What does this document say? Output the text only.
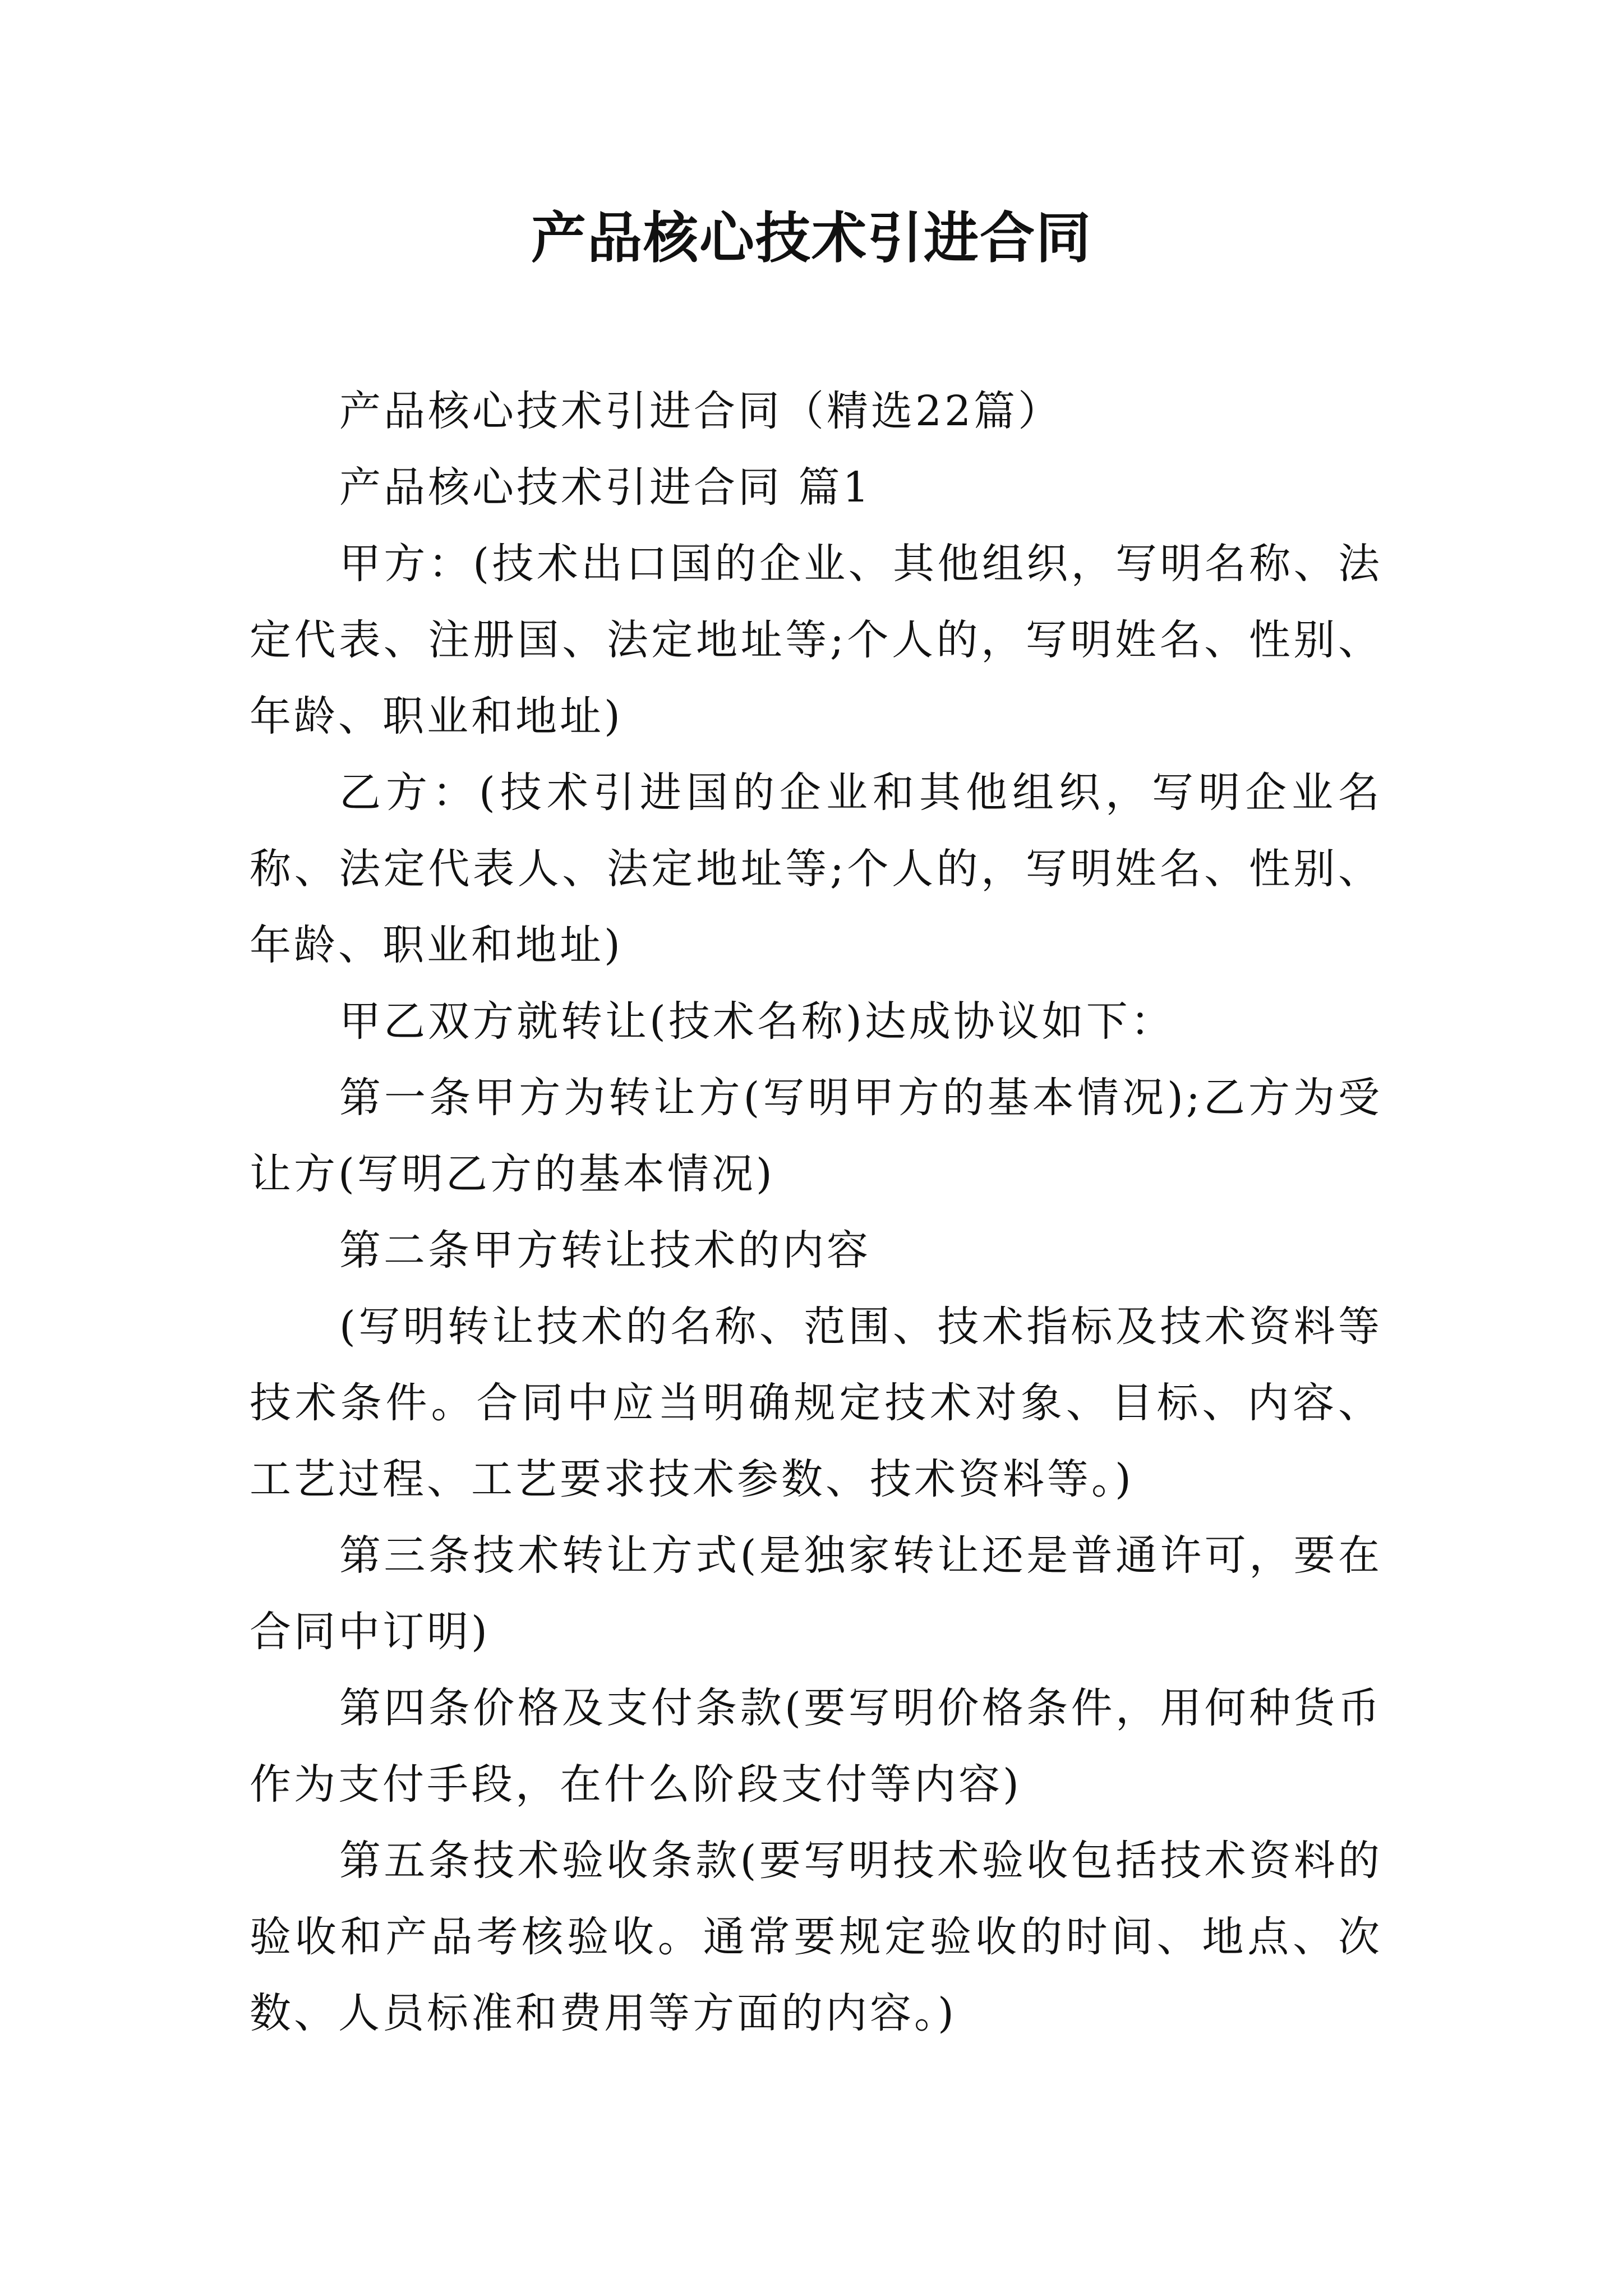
产品核心技术引进合同

产品核心技术引进合同（精选22篇）

产品核心技术引进合同 篇1

甲方：(技术出口国的企业、其他组织，写明名称、法定代表、注册国、法定地址等;个人的，写明姓名、性别、年龄、职业和地址)

乙方：(技术引进国的企业和其他组织，写明企业名称、法定代表人、法定地址等;个人的，写明姓名、性别、年龄、职业和地址)

甲乙双方就转让(技术名称)达成协议如下：

第一条甲方为转让方(写明甲方的基本情况);乙方为受让方(写明乙方的基本情况)

第二条甲方转让技术的内容

(写明转让技术的名称、范围、技术指标及技术资料等技术条件。合同中应当明确规定技术对象、目标、内容、工艺过程、工艺要求技术参数、技术资料等。)

第三条技术转让方式(是独家转让还是普通许可，要在合同中订明)

第四条价格及支付条款(要写明价格条件，用何种货币作为支付手段，在什么阶段支付等内容)

第五条技术验收条款(要写明技术验收包括技术资料的验收和产品考核验收。通常要规定验收的时间、地点、次数、人员标准和费用等方面的内容。)
